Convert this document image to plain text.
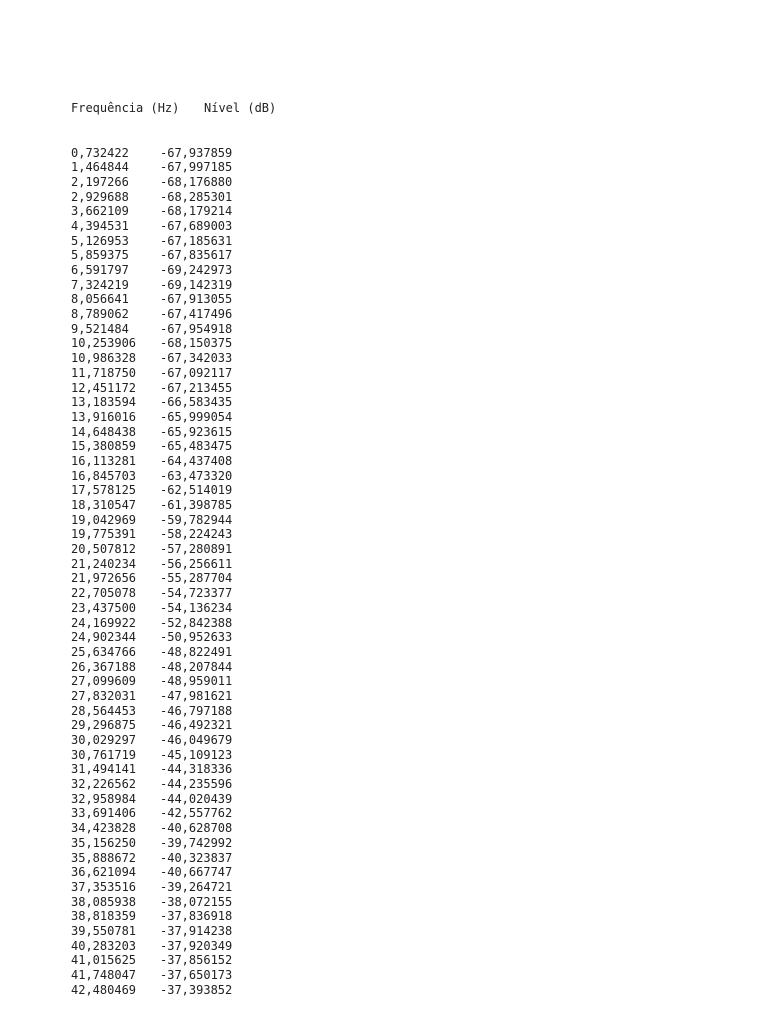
Frequência (Hz)	Nível (dB)

0,732422	-67,937859
1,464844	-67,997185
2,197266	-68,176880
2,929688	-68,285301
3,662109	-68,179214
4,394531	-67,689003
5,126953	-67,185631
5,859375	-67,835617
6,591797	-69,242973
7,324219	-69,142319
8,056641	-67,913055
8,789062	-67,417496
9,521484	-67,954918
10,253906	-68,150375
10,986328	-67,342033
11,718750	-67,092117
12,451172	-67,213455
13,183594	-66,583435
13,916016	-65,999054
14,648438	-65,923615
15,380859	-65,483475
16,113281	-64,437408
16,845703	-63,473320
17,578125	-62,514019
18,310547	-61,398785
19,042969	-59,782944
19,775391	-58,224243
20,507812	-57,280891
21,240234	-56,256611
21,972656	-55,287704
22,705078	-54,723377
23,437500	-54,136234
24,169922	-52,842388
24,902344	-50,952633
25,634766	-48,822491
26,367188	-48,207844
27,099609	-48,959011
27,832031	-47,981621
28,564453	-46,797188
29,296875	-46,492321
30,029297	-46,049679
30,761719	-45,109123
31,494141	-44,318336
32,226562	-44,235596
32,958984	-44,020439
33,691406	-42,557762
34,423828	-40,628708
35,156250	-39,742992
35,888672	-40,323837
36,621094	-40,667747
37,353516	-39,264721
38,085938	-38,072155
38,818359	-37,836918
39,550781	-37,914238
40,283203	-37,920349
41,015625	-37,856152
41,748047	-37,650173
42,480469	-37,393852
